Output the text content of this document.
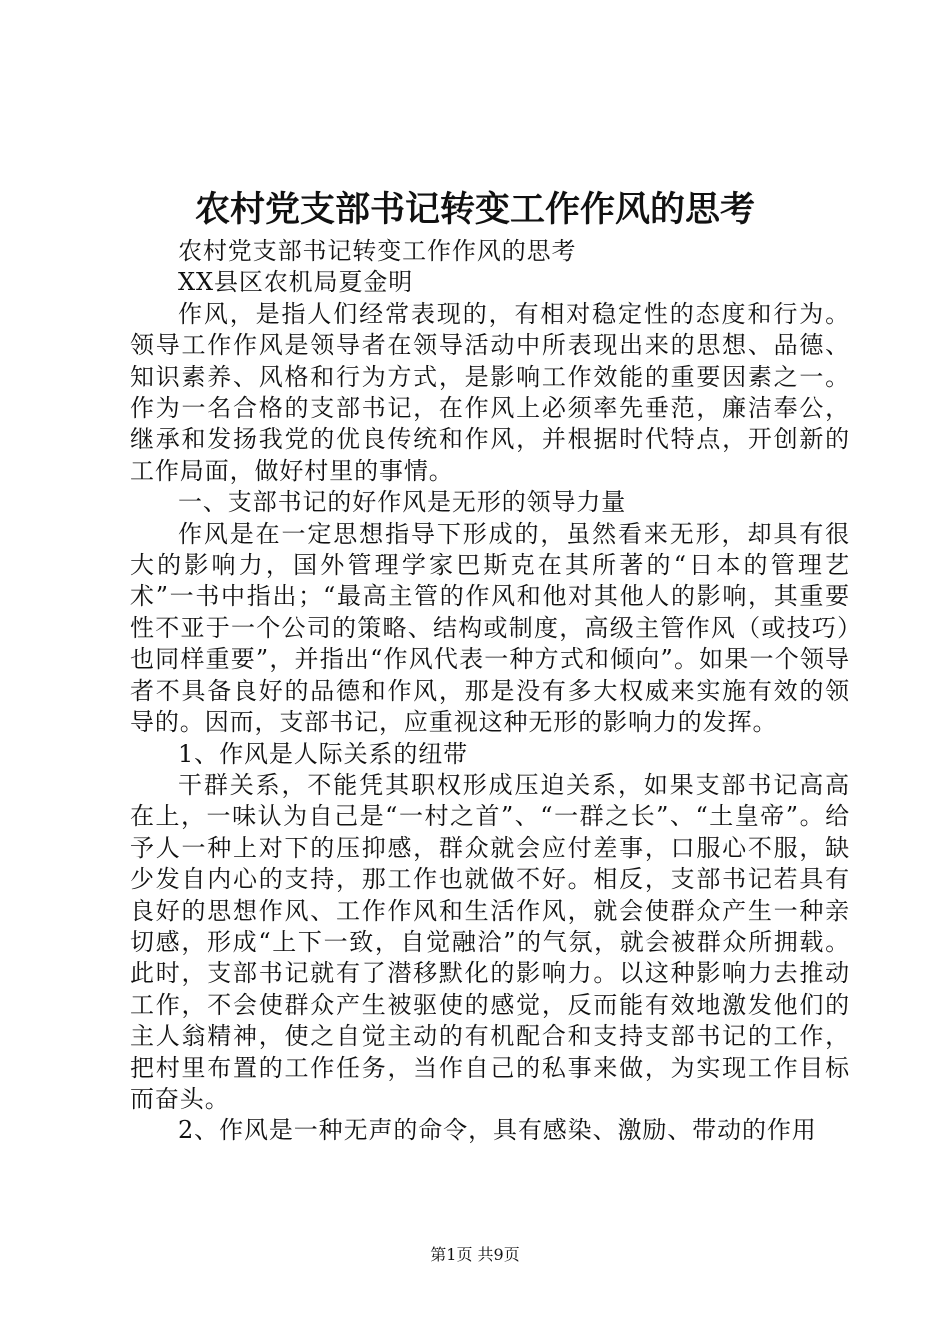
农村党支部书记转变工作作风的思考

农村党支部书记转变工作作风的思考

XX县区农机局夏金明

作风，是指人们经常表现的，有相对稳定性的态度和行为。领导工作作风是领导者在领导活动中所表现出来的思想、品德、知识素养、风格和行为方式，是影响工作效能的重要因素之一。作为一名合格的支部书记，在作风上必须率先垂范，廉洁奉公，继承和发扬我党的优良传统和作风，并根据时代特点，开创新的工作局面，做好村里的事情。

一、支部书记的好作风是无形的领导力量

作风是在一定思想指导下形成的，虽然看来无形，却具有很大的影响力，国外管理学家巴斯克在其所著的“日本的管理艺术”一书中指出；“最高主管的作风和他对其他人的影响，其重要性不亚于一个公司的策略、结构或制度，高级主管作风（或技巧）也同样重要”，并指出“作风代表一种方式和倾向”。如果一个领导者不具备良好的品德和作风，那是没有多大权威来实施有效的领导的。因而，支部书记，应重视这种无形的影响力的发挥。

1、作风是人际关系的纽带

干群关系，不能凭其职权形成压迫关系，如果支部书记高高在上，一味认为自己是“一村之首”、“一群之长”、“土皇帝”。给予人一种上对下的压抑感，群众就会应付差事，口服心不服，缺少发自内心的支持，那工作也就做不好。相反，支部书记若具有良好的思想作风、工作作风和生活作风，就会使群众产生一种亲切感，形成“上下一致，自觉融洽”的气氛，就会被群众所拥载。此时，支部书记就有了潜移默化的影响力。以这种影响力去推动工作，不会使群众产生被驱使的感觉，反而能有效地激发他们的主人翁精神，使之自觉主动的有机配合和支持支部书记的工作，把村里布置的工作任务，当作自己的私事来做，为实现工作目标而奋头。

2、作风是一种无声的命令，具有感染、激励、带动的作用

第1页 共9页
